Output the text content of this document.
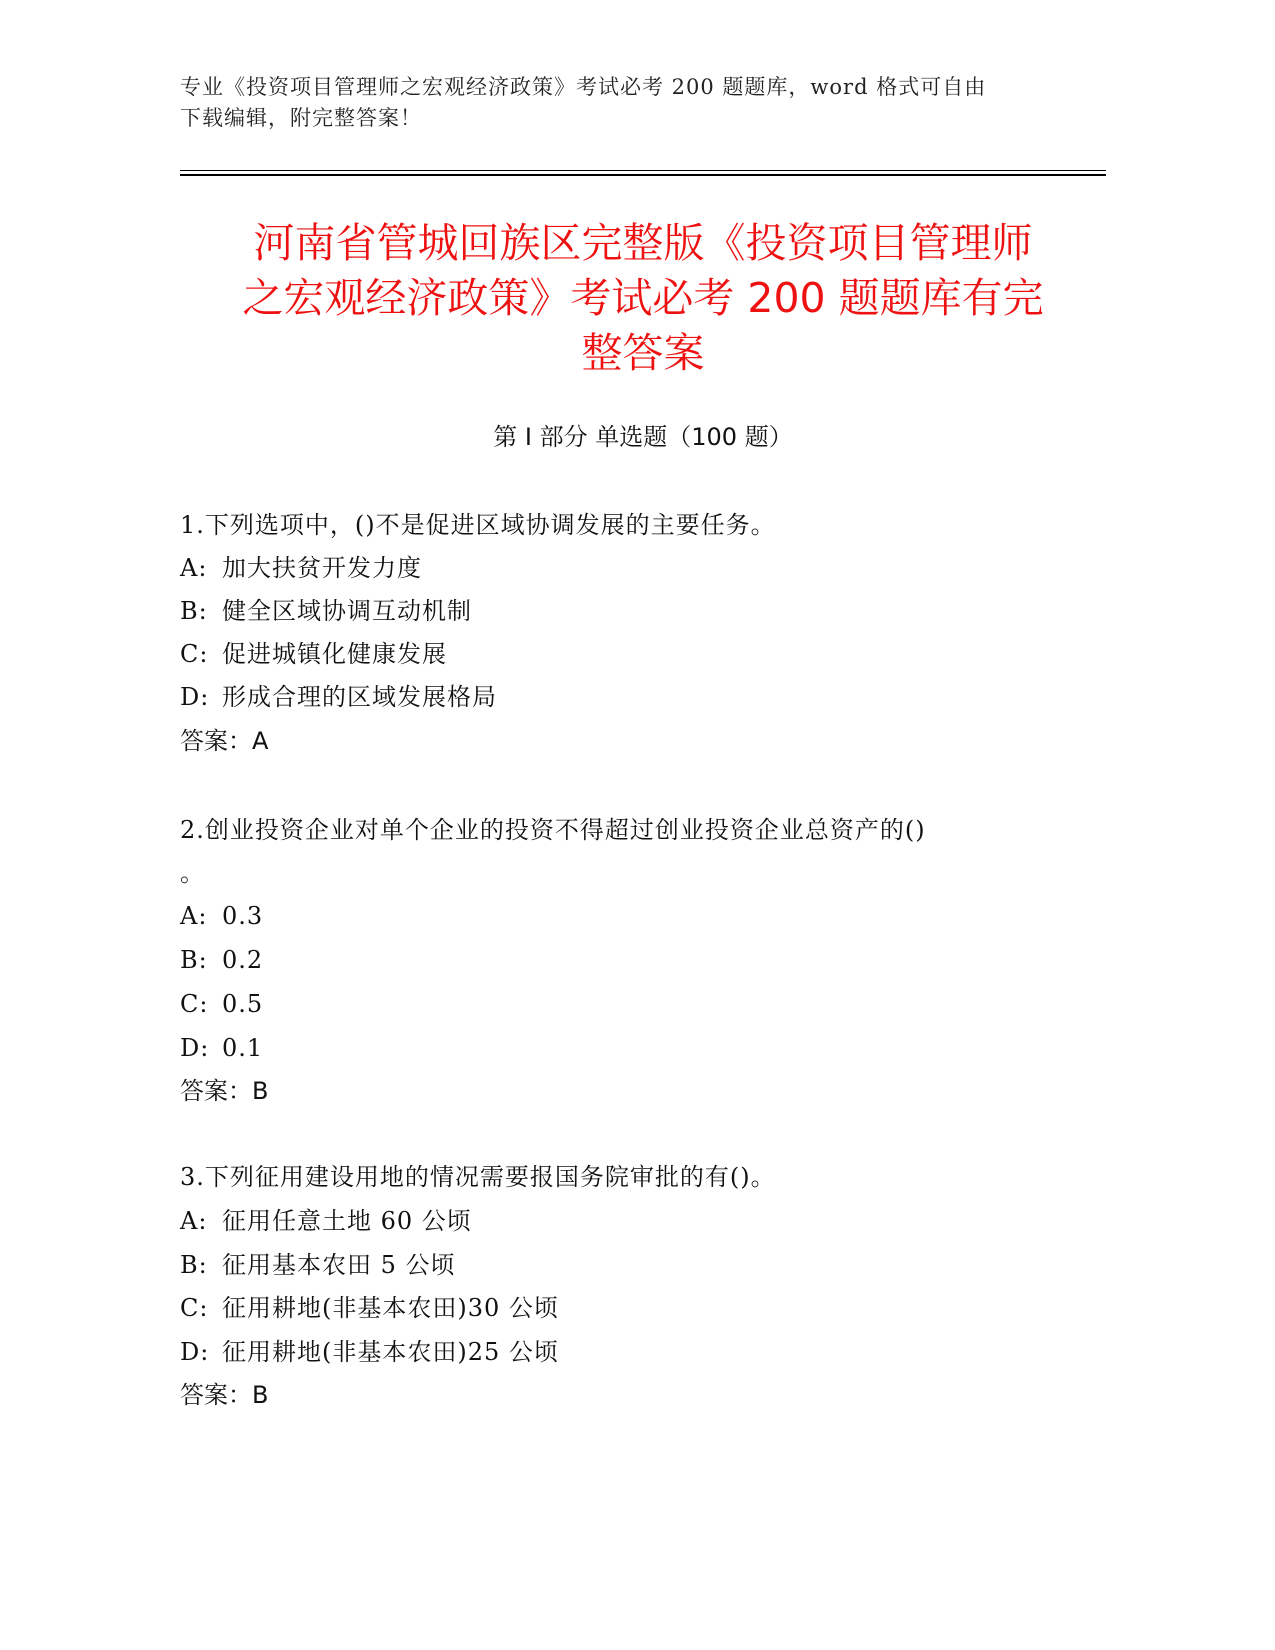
专业《投资项目管理师之宏观经济政策》考试必考 200 题题库，word 格式可自由
下载编辑，附完整答案！
河南省管城回族区完整版《投资项目管理师
之宏观经济政策》考试必考 200 题题库有完
整答案
第 I 部分 单选题（100 题）
1.下列选项中，()不是促进区域协调发展的主要任务。
A: 加大扶贫开发力度
B: 健全区域协调互动机制
C: 促进城镇化健康发展
D: 形成合理的区域发展格局
答案：A
2.创业投资企业对单个企业的投资不得超过创业投资企业总资产的()
。
A: 0.3
B: 0.2
C: 0.5
D: 0.1
答案：B
3.下列征用建设用地的情况需要报国务院审批的有()。
A: 征用任意土地 60 公顷
B: 征用基本农田 5 公顷
C: 征用耕地(非基本农田)30 公顷
D: 征用耕地(非基本农田)25 公顷
答案：B
